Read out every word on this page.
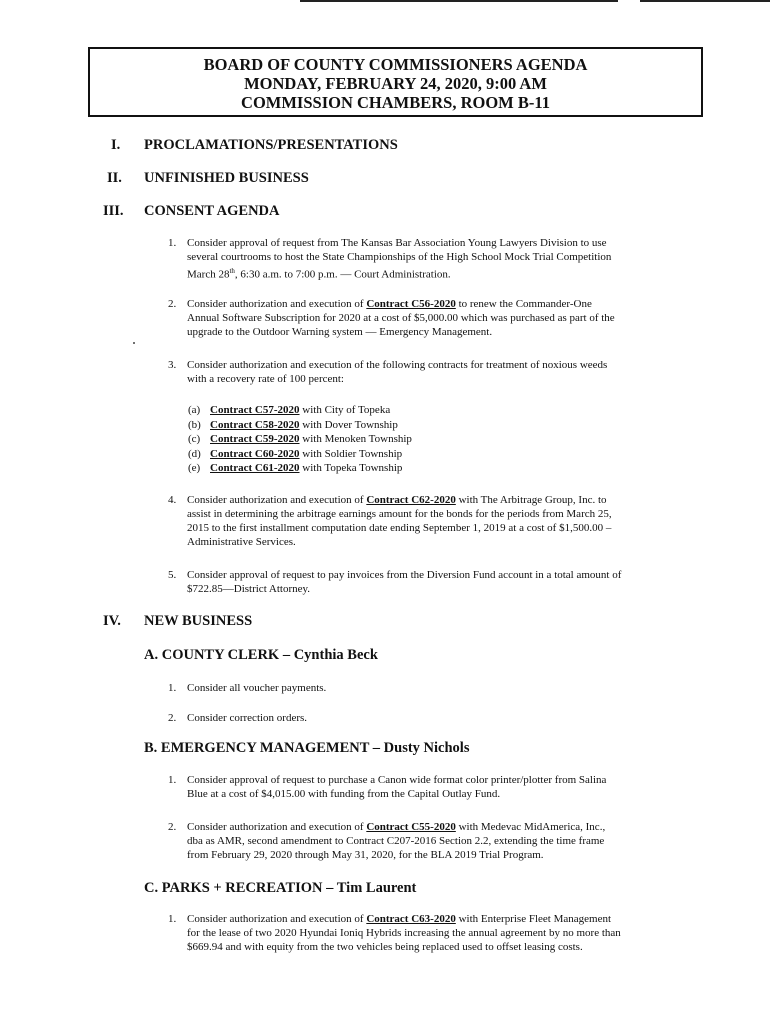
BOARD OF COUNTY COMMISSIONERS AGENDA
MONDAY, FEBRUARY 24, 2020, 9:00 AM
COMMISSION CHAMBERS, ROOM B-11
I. PROCLAMATIONS/PRESENTATIONS
II. UNFINISHED BUSINESS
III. CONSENT AGENDA
1. Consider approval of request from The Kansas Bar Association Young Lawyers Division to use
several courtrooms to host the State Championships of the High School Mock Trial Competition
March 28th, 6:30 a.m. to 7:00 p.m. — Court Administration.
2. Consider authorization and execution of Contract C56-2020 to renew the Commander-One
Annual Software Subscription for 2020 at a cost of $5,000.00 which was purchased as part of the
upgrade to the Outdoor Warning system — Emergency Management.
3. Consider authorization and execution of the following contracts for treatment of noxious weeds
with a recovery rate of 100 percent:
(a) Contract C57-2020 with City of Topeka
(b) Contract C58-2020 with Dover Township
(c) Contract C59-2020 with Menoken Township
(d) Contract C60-2020 with Soldier Township
(e) Contract C61-2020 with Topeka Township
4. Consider authorization and execution of Contract C62-2020 with The Arbitrage Group, Inc. to
assist in determining the arbitrage earnings amount for the bonds for the periods from March 25,
2015 to the first installment computation date ending September 1, 2019 at a cost of $1,500.00 –
Administrative Services.
5. Consider approval of request to pay invoices from the Diversion Fund account in a total amount of
$722.85—District Attorney.
IV. NEW BUSINESS
A. COUNTY CLERK – Cynthia Beck
1. Consider all voucher payments.
2. Consider correction orders.
B. EMERGENCY MANAGEMENT – Dusty Nichols
1. Consider approval of request to purchase a Canon wide format color printer/plotter from Salina
Blue at a cost of $4,015.00 with funding from the Capital Outlay Fund.
2. Consider authorization and execution of Contract C55-2020 with Medevac MidAmerica, Inc.,
dba as AMR, second amendment to Contract C207-2016 Section 2.2, extending the time frame
from February 29, 2020 through May 31, 2020, for the BLA 2019 Trial Program.
C. PARKS + RECREATION – Tim Laurent
1. Consider authorization and execution of Contract C63-2020 with Enterprise Fleet Management
for the lease of two 2020 Hyundai Ioniq Hybrids increasing the annual agreement by no more than
$669.94 and with equity from the two vehicles being replaced used to offset leasing costs.
